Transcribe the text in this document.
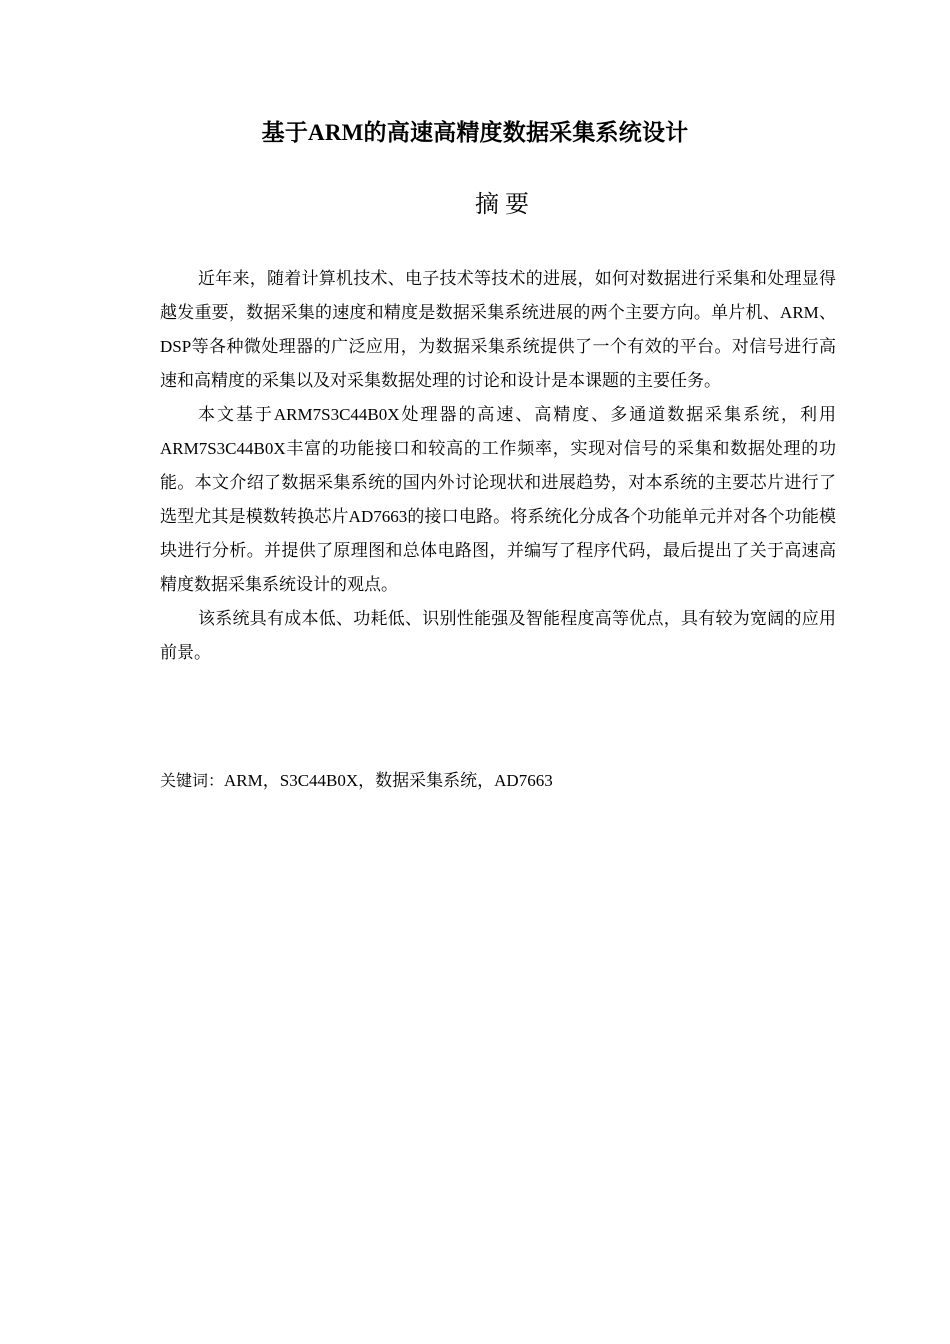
基于ARM的高速高精度数据采集系统设计
摘要

近年来，随着计算机技术、电子技术等技术的进展，如何对数据进行采集和处理显得越发重要，数据采集的速度和精度是数据采集系统进展的两个主要方向。单片机、ARM、DSP等各种微处理器的广泛应用，为数据采集系统提供了一个有效的平台。对信号进行高速和高精度的采集以及对采集数据处理的讨论和设计是本课题的主要任务。

本文基于ARM7S3C44B0X处理器的高速、高精度、多通道数据采集系统，利用ARM7S3C44B0X丰富的功能接口和较高的工作频率，实现对信号的采集和数据处理的功能。本文介绍了数据采集系统的国内外讨论现状和进展趋势，对本系统的主要芯片进行了选型尤其是模数转换芯片AD7663的接口电路。将系统化分成各个功能单元并对各个功能模块进行分析。并提供了原理图和总体电路图，并编写了程序代码，最后提出了关于高速高精度数据采集系统设计的观点。

该系统具有成本低、功耗低、识别性能强及智能程度高等优点，具有较为宽阔的应用前景。

关键词：ARM，S3C44B0X，数据采集系统，AD7663
